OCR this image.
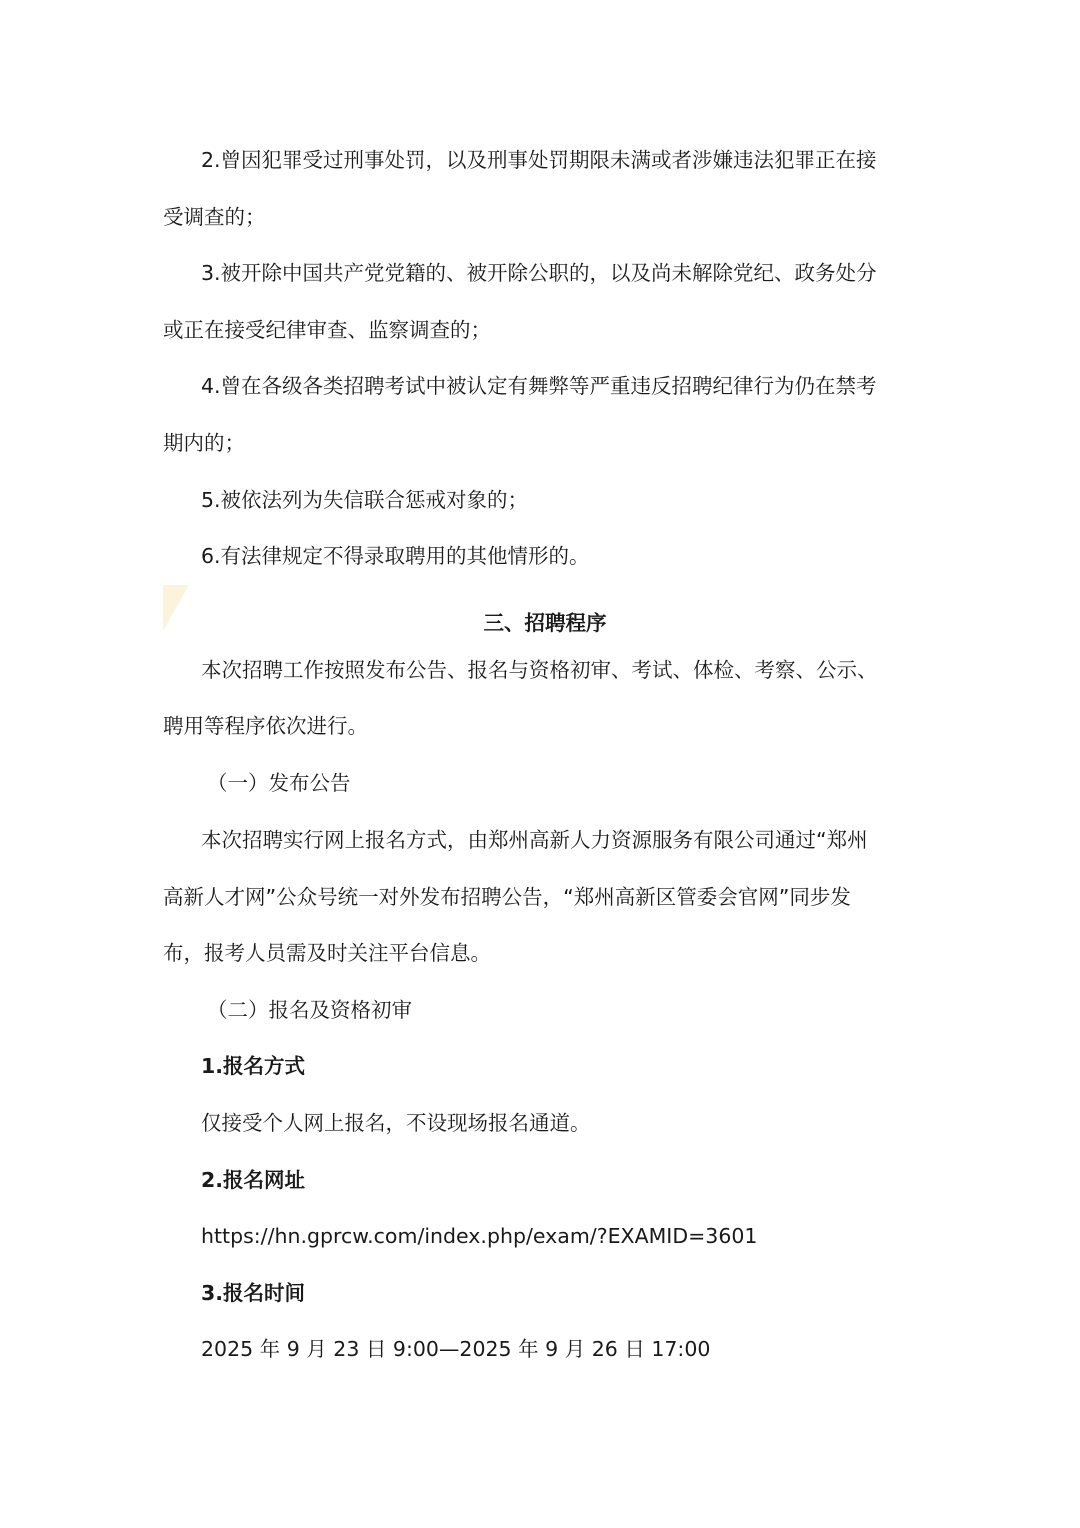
2.曾因犯罪受过刑事处罚，以及刑事处罚期限未满或者涉嫌违法犯罪正在接
受调查的；
3.被开除中国共产党党籍的、被开除公职的，以及尚未解除党纪、政务处分
或正在接受纪律审查、监察调查的；
4.曾在各级各类招聘考试中被认定有舞弊等严重违反招聘纪律行为仍在禁考
期内的；
5.被依法列为失信联合惩戒对象的；
6.有法律规定不得录取聘用的其他情形的。
三、招聘程序
本次招聘工作按照发布公告、报名与资格初审、考试、体检、考察、公示、
聘用等程序依次进行。
（一）发布公告
本次招聘实行网上报名方式，由郑州高新人力资源服务有限公司通过“郑州
高新人才网”公众号统一对外发布招聘公告，“郑州高新区管委会官网”同步发
布，报考人员需及时关注平台信息。
（二）报名及资格初审
1.报名方式
仅接受个人网上报名，不设现场报名通道。
2.报名网址
https://hn.gprcw.com/index.php/exam/?EXAMID=3601
3.报名时间
2025 年 9 月 23 日 9:00—2025 年 9 月 26 日 17:00
